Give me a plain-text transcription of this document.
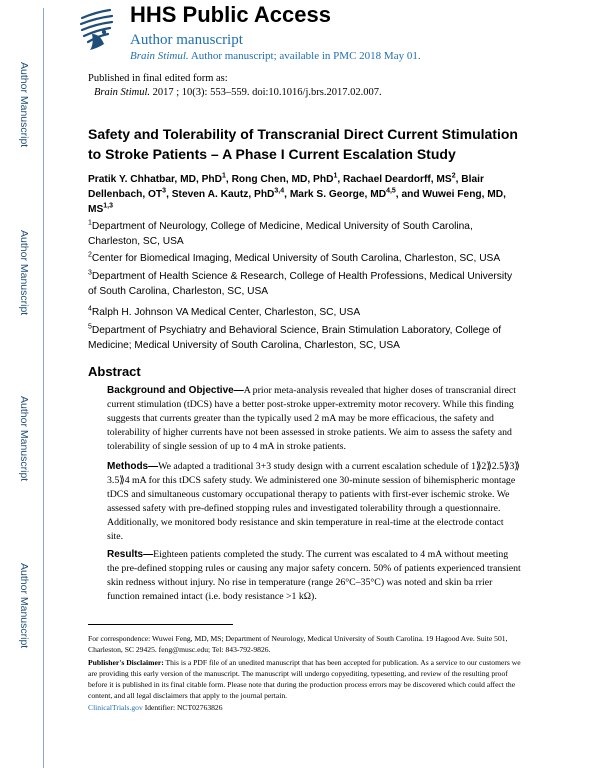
Author Manuscript
Author Manuscript
Author Manuscript
Author Manuscript
HHS Public Access
Author manuscript
Brain Stimul. Author manuscript; available in PMC 2018 May 01.
Published in final edited form as:
Brain Stimul. 2017 ; 10(3): 553–559. doi:10.1016/j.brs.2017.02.007.
Safety and Tolerability of Transcranial Direct Current Stimulation to Stroke Patients – A Phase I Current Escalation Study
Pratik Y. Chhatbar, MD, PhD$^1$, Rong Chen, MD, PhD$^1$, Rachael Deardorff, $MS^2$, Blair Dellenbach, $OT^3$, Steven A. Kautz, PhD$^{3,4}$, Mark S. George, MD$^{4,5}$, and Wuwei Feng, MD, MS$^{1,3}$
$^1$Department of Neurology, College of Medicine, Medical University of South Carolina, Charleston, SC, USA
$^2$Center for Biomedical Imaging, Medical University of South Carolina, Charleston, SC, USA
$^3$Department of Health Science & Research, College of Health Professions, Medical University of South Carolina, Charleston, SC, USA
$^4$Ralph H. Johnson VA Medical Center, Charleston, SC, USA
$^5$Department of Psychiatry and Behavioral Science, Brain Stimulation Laboratory, College of Medicine; Medical University of South Carolina, Charleston, SC, USA
Abstract
Background and Objective—A prior meta-analysis revealed that higher doses of transcranial direct current stimulation (tDCS) have a better post-stroke upper-extremity motor recovery. While this finding suggests that currents greater than the typically used 2 mA may be more efficacious, the safety and tolerability of higher currents have not been assessed in stroke patients. We aim to assess the safety and tolerability of single session of up to 4 mA in stroke patients.
Methods—We adapted a traditional 3+3 study design with a current escalation schedule of 1⟫2⟫2.5⟫3⟫3.5⟫4 mA for this tDCS safety study. We administered one 30-minute session of bihemispheric montage tDCS and simultaneous customary occupational therapy to patients with first-ever ischemic stroke. We assessed safety with pre-defined stopping rules and investigated tolerability through a questionnaire. Additionally, we monitored body resistance and skin temperature in real-time at the electrode contact site.
Results—Eighteen patients completed the study. The current was escalated to 4 mA without meeting the pre-defined stopping rules or causing any major safety concern. 50% of patients experienced transient skin redness without injury. No rise in temperature (range 26°C–35°C) was noted and skin ba rrier function remained intact (i.e. body resistance >1 kΩ).
For correspondence: Wuwei Feng, MD, MS; Department of Neurology, Medical University of South Carolina. 19 Hagood Ave. Suite 501, Charleston, SC 29425. feng@musc.edu; Tel: 843-792-9826.
Publisher's Disclaimer: This is a PDF file of an unedited manuscript that has been accepted for publication. As a service to our customers we are providing this early version of the manuscript. The manuscript will undergo copyediting, typesetting, and review of the resulting proof before it is published in its final citable form. Please note that during the production process errors may be discovered which could affect the content, and all legal disclaimers that apply to the journal pertain.
ClinicalTrials.gov Identifier: NCT02763826
